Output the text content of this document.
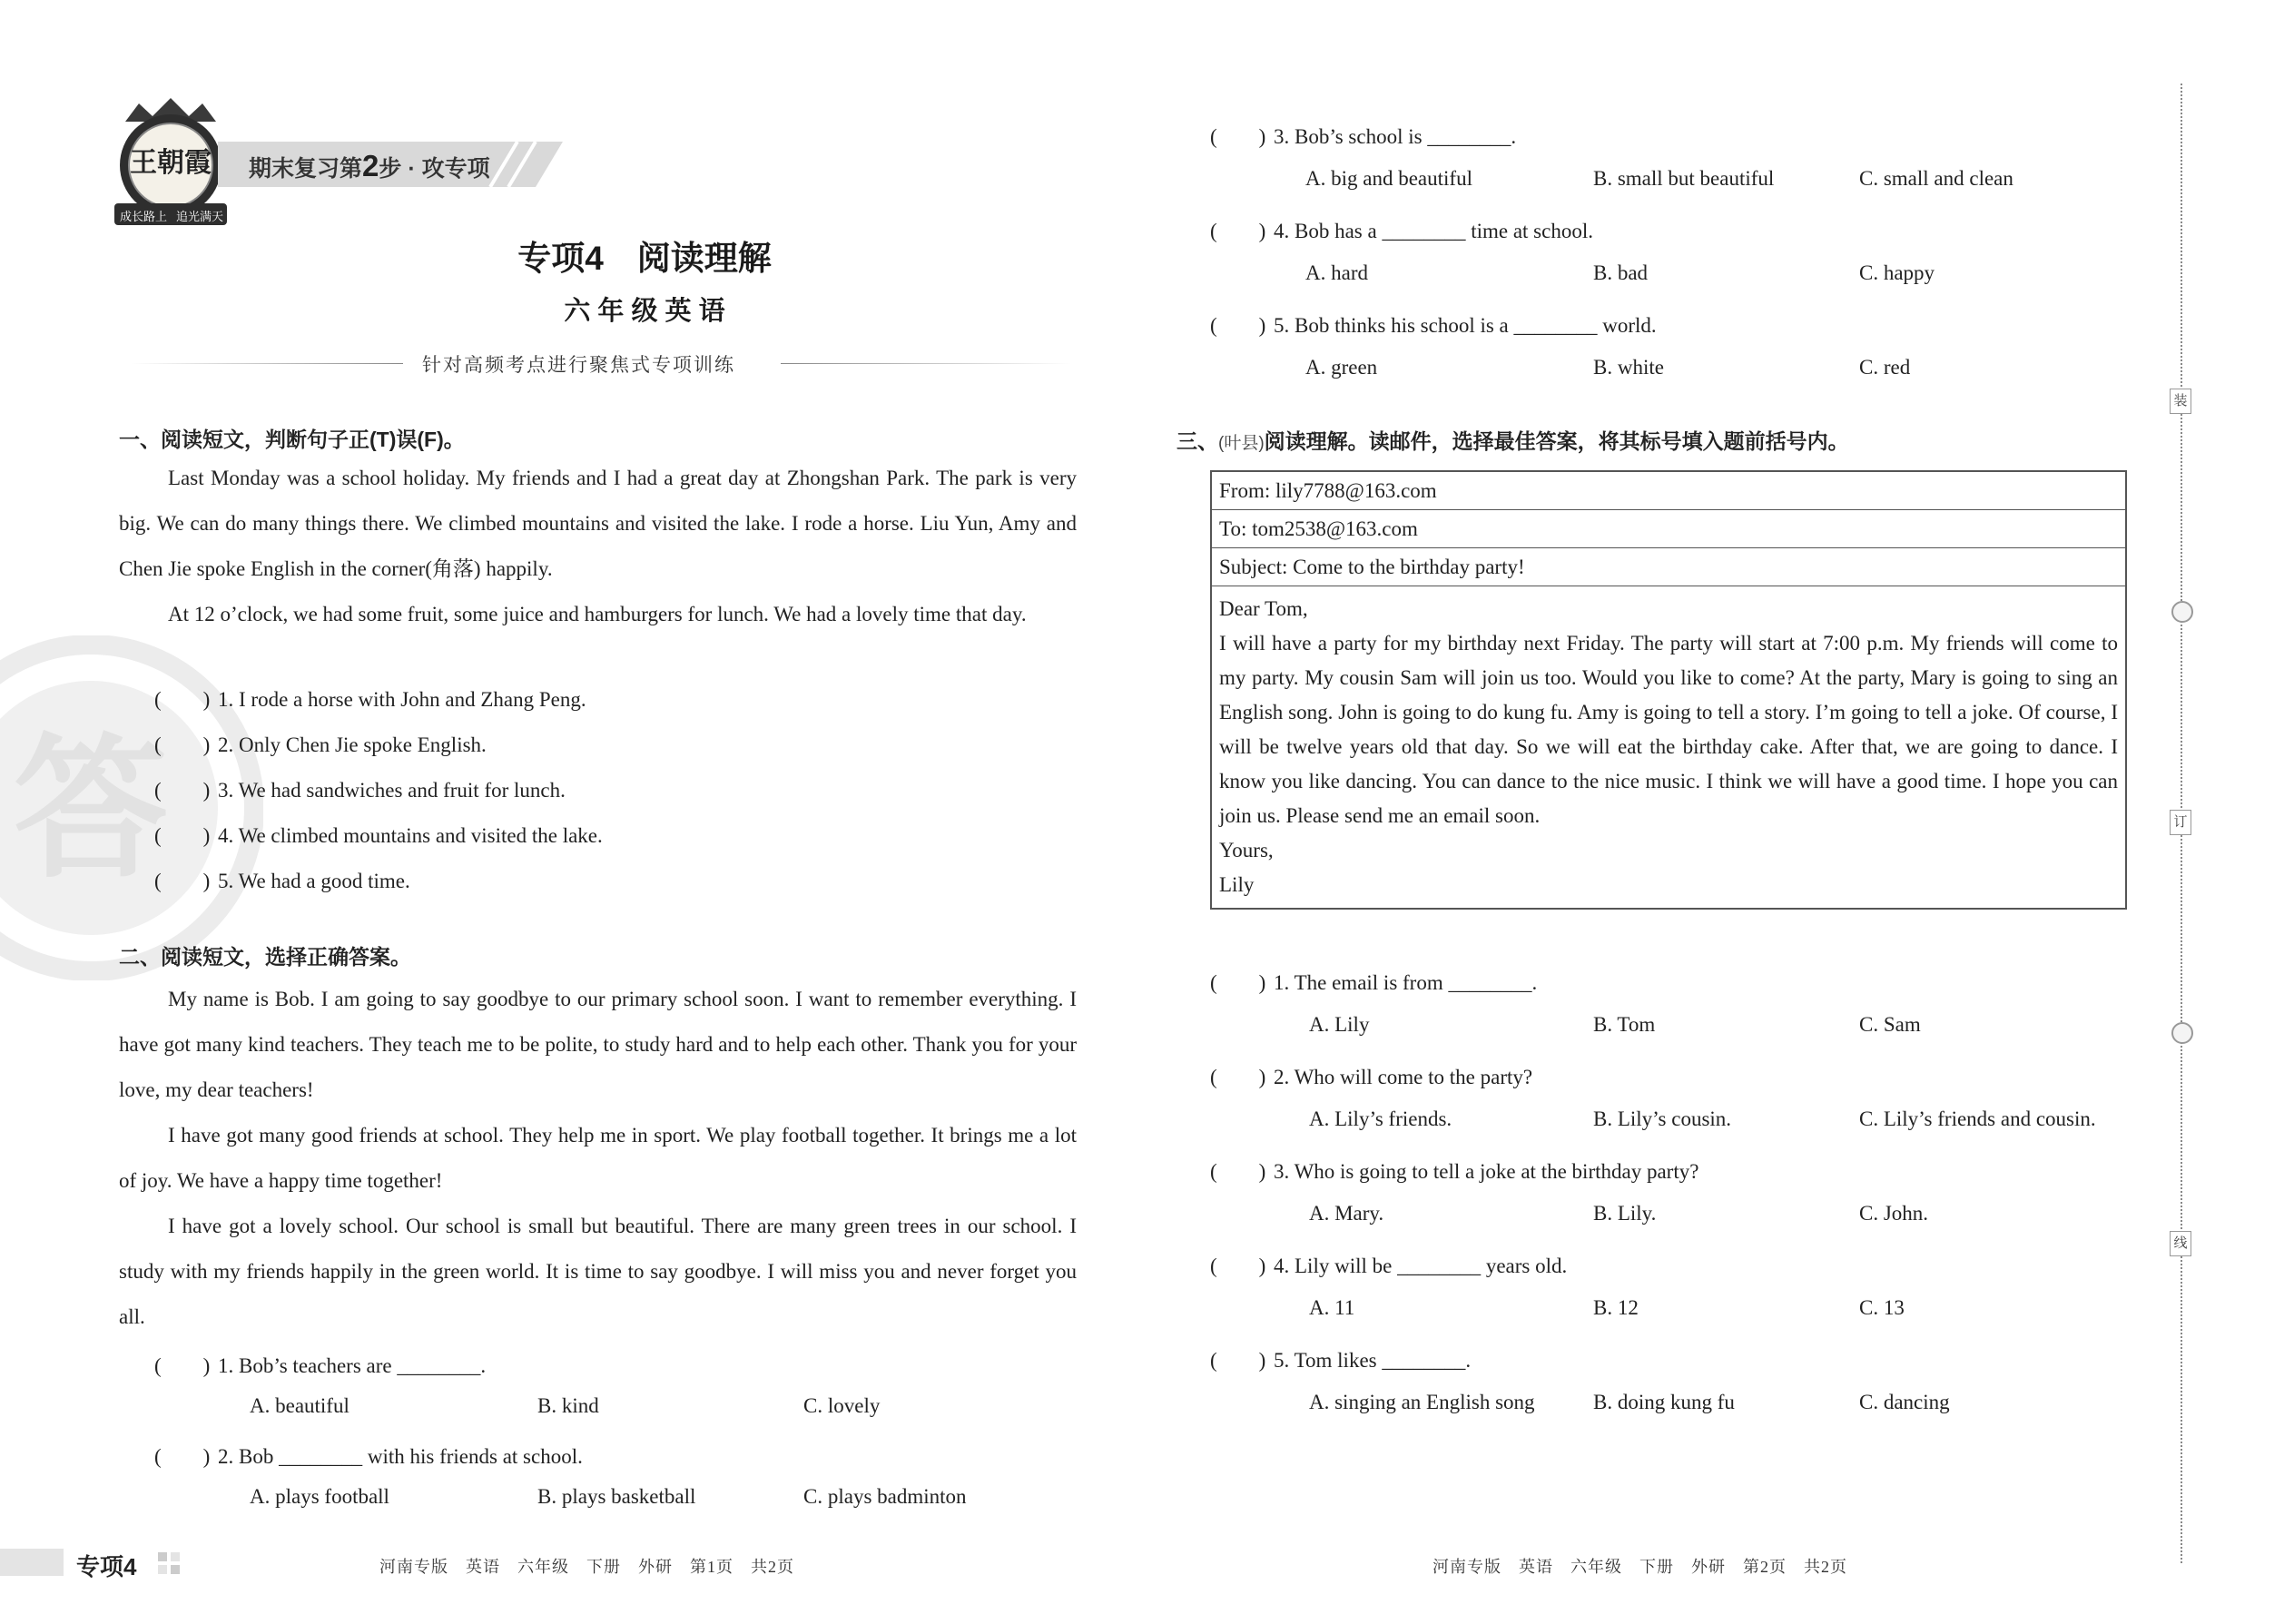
答
王朝霞
成长路上 追光满天
期末复习第2步 · 攻专项
专项4　阅读理解
六 年 级 英 语
针对高频考点进行聚焦式专项训练
一、阅读短文，判断句子正(T)误(F)。
Last Monday was a school holiday. My friends and I had a great day at Zhongshan Park. The park is very big. We can do many things there. We climbed mountains and visited the lake. I rode a horse. Liu Yun, Amy and Chen Jie spoke English in the corner(角落) happily.
At 12 o’clock, we had some fruit, some juice and hamburgers for lunch. We had a lovely time that day.
(　　) 1. I rode a horse with John and Zhang Peng.
(　　) 2. Only Chen Jie spoke English.
(　　) 3. We had sandwiches and fruit for lunch.
(　　) 4. We climbed mountains and visited the lake.
(　　) 5. We had a good time.
二、阅读短文，选择正确答案。
My name is Bob. I am going to say goodbye to our primary school soon. I want to remember everything. I have got many kind teachers. They teach me to be polite, to study hard and to help each other. Thank you for your love, my dear teachers!
I have got many good friends at school. They help me in sport. We play football together. It brings me a lot of joy. We have a happy time together!
I have got a lovely school. Our school is small but beautiful. There are many green trees in our school. I study with my friends happily in the green world. It is time to say goodbye. I will miss you and never forget you all.
(　　) 1. Bob’s teachers are ________.
A. beautiful	B. kind	C. lovely
(　　) 2. Bob ________ with his friends at school.
A. plays football	B. plays basketball	C. plays badminton
(　　) 3. Bob’s school is ________.
A. big and beautiful	B. small but beautiful	C. small and clean
(　　) 4. Bob has a ________ time at school.
A. hard	B. bad	C. happy
(　　) 5. Bob thinks his school is a ________ world.
A. green	B. white	C. red
三、(叶县)阅读理解。读邮件，选择最佳答案，将其标号填入题前括号内。
From: lily7788@163.com
To: tom2538@163.com
Subject: Come to the birthday party!
Dear Tom,
I will have a party for my birthday next Friday. The party will start at 7:00 p.m. My friends will come to my party. My cousin Sam will join us too. Would you like to come? At the party, Mary is going to sing an English song. John is going to do kung fu. Amy is going to tell a story. I’m going to tell a joke. Of course, I will be twelve years old that day. So we will eat the birthday cake. After that, we are going to dance. I know you like dancing. You can dance to the nice music. I think we will have a good time. I hope you can join us. Please send me an email soon.
Yours,
Lily
(　　) 1. The email is from ________.
A. Lily	B. Tom	C. Sam
(　　) 2. Who will come to the party?
A. Lily’s friends.	B. Lily’s cousin.	C. Lily’s friends and cousin.
(　　) 3. Who is going to tell a joke at the birthday party?
A. Mary.	B. Lily.	C. John.
(　　) 4. Lily will be ________ years old.
A. 11	B. 12	C. 13
(　　) 5. Tom likes ________.
A. singing an English song	B. doing kung fu	C. dancing
装
订
线
专项4	河南专版　英语　六年级　下册　外研　第1页　共2页	河南专版　英语　六年级　下册　外研　第2页　共2页
